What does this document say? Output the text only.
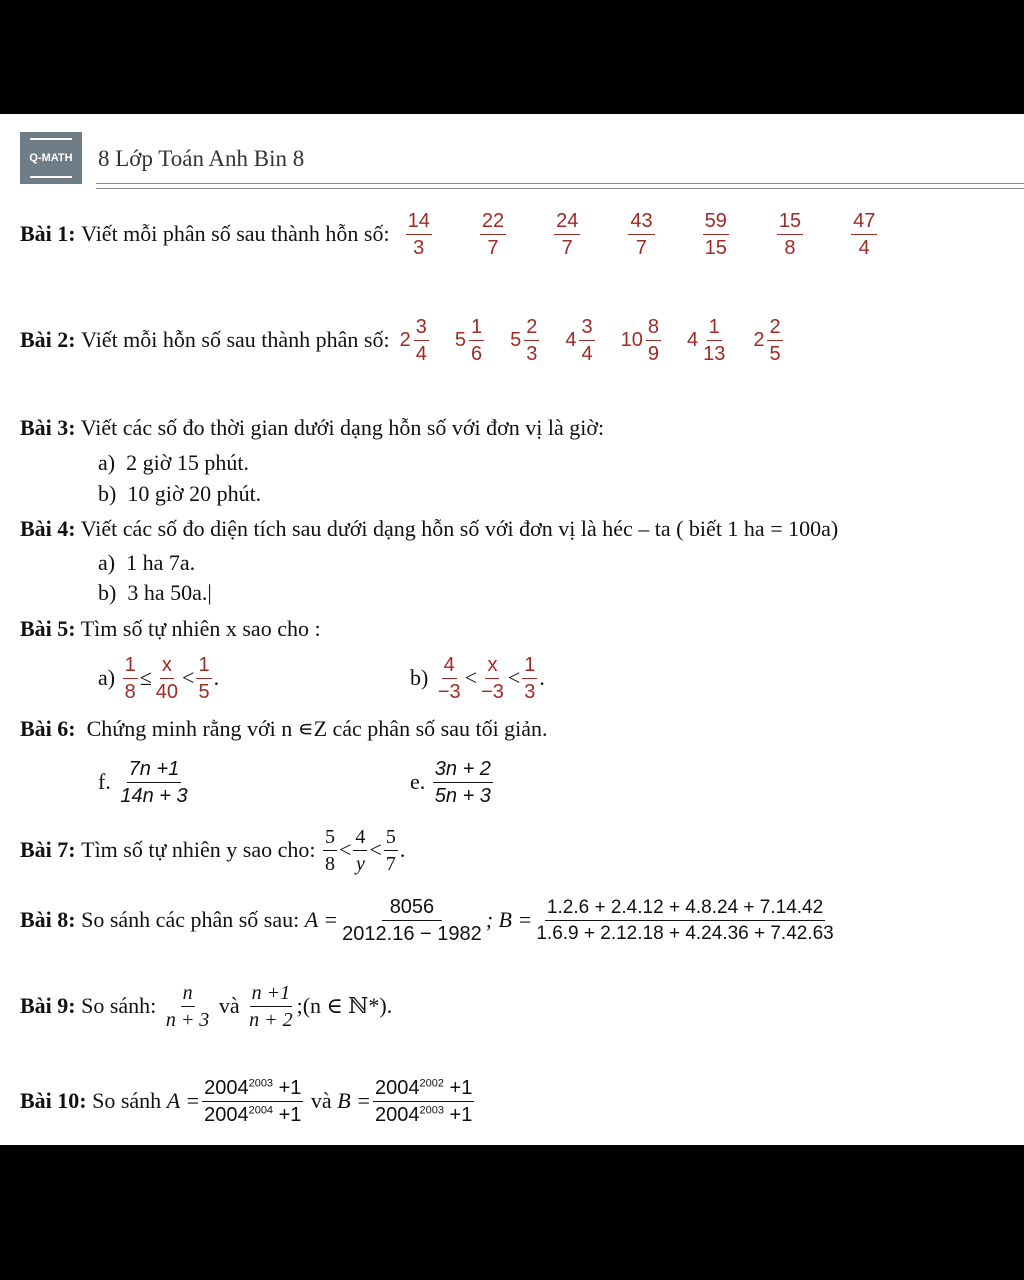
Q-MATH 8 Lớp Toán Anh Bin 8
Bài 1:
Viết mỗi phân số sau thành hỗn số: $\frac{14}{3} \frac{22}{7} \frac{24}{7} \frac{43}{7} \frac{59}{15} \frac{15}{8} \frac{47}{4}$
Bài 2:
Viết mỗi hỗn số sau thành phân số: $2 \frac{3}{4} 5 \frac{1}{6} 5 \frac{2}{3} 4 \frac{3}{4} 10 \frac{8}{9} 4 \frac{1}{13} 2 \frac{2}{5}$
Bài 3: Viết các số đo thời gian dưới dạng hỗn số với đơn vị là giờ:
a) 2 giờ 15 phút.
b) 10 giờ 20 phút.
Bài 4: Viết các số đo diện tích sau dưới dạng hỗn số với đơn vị là héc – ta ( biết 1 ha = 100a)
a) 1 ha 7a.
b) 3 ha 50a.|
Bài 5: Tìm số tự nhiên x sao cho :
a)
$\frac{1}{8} \le \frac{x}{40} < \frac{1}{5}$ .	b)
$\frac{4}{-3} < \frac{x}{-3} < \frac{1}{3}$ .
Bài 6: Chứng minh rằng với n ∊Z các phân số sau tối giản.
f.
$\frac{7n +1}{14n + 3}$	e.
$\frac{3n + 2}{5n + 3}$
Bài 7:
Tìm số tự nhiên y sao cho:
$\frac{5}{8} < \frac{4}{y} < \frac{5}{7}$ .
Bài 8:
So sánh các phân số sau:
$A = \frac{8056}{2012.16 - 1982}$ ; $B = \frac{1.2.6 + 2.4.12 + 4.8.24 + 7.14.42}{1.6.9 + 2.12.18 + 4.24.36 + 7.42.63}$
Bài 9:
So sánh:
$\frac{n}{n + 3}$
và
$\frac{n +1}{n + 2}$ ;(n ∈ ℕ*).
Bài 10:
So sánh
$A = \frac{2004^{2003} +1}{2004^{2004} +1}$
và
$B = \frac{2004^{2002} +1}{2004^{2003} +1}$
